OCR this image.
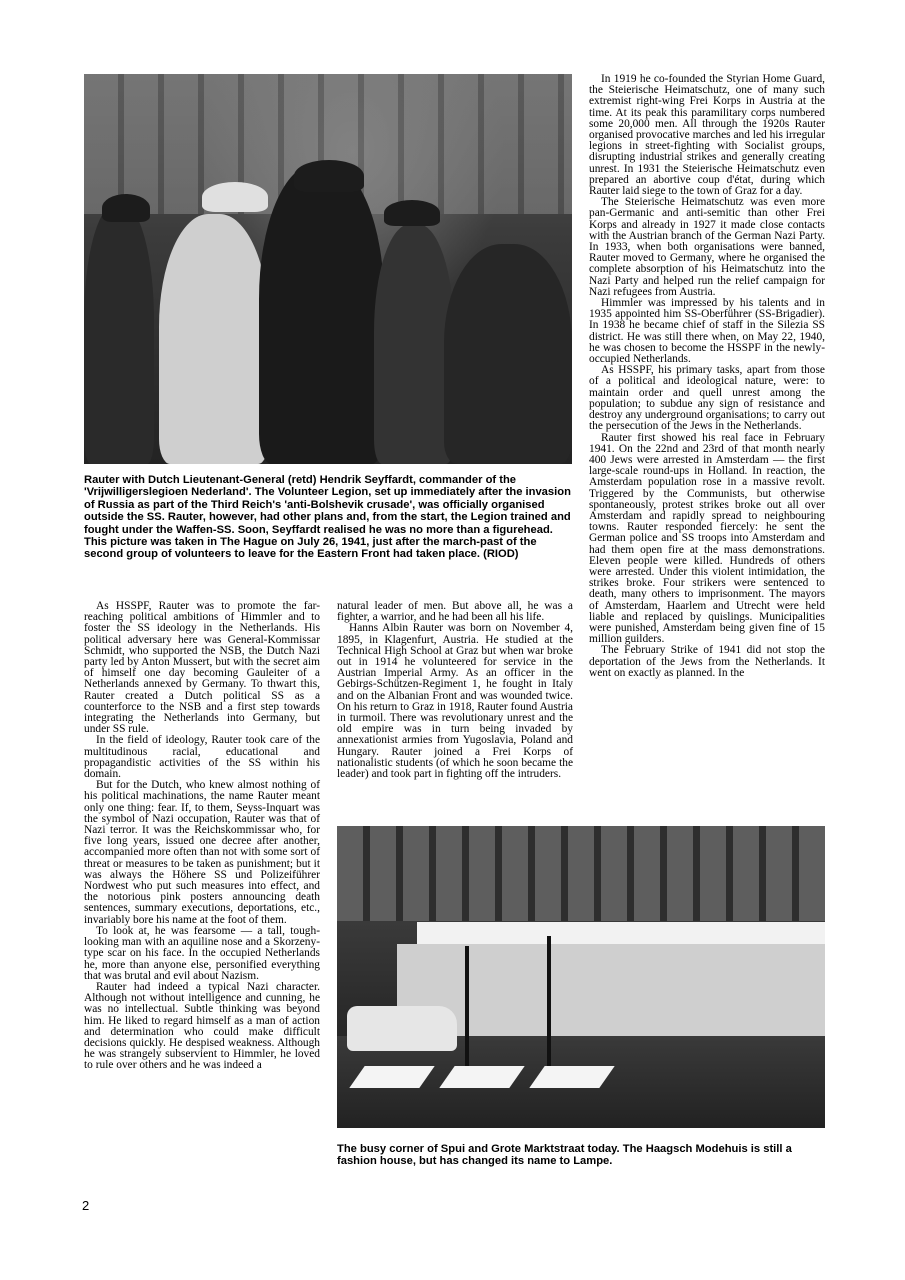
Rauter with Dutch Lieutenant-General (retd) Hendrik Seyffardt, commander of the 'Vrijwilligerslegioen Nederland'. The Volunteer Legion, set up immediately after the invasion of Russia as part of the Third Reich's 'anti-Bolshevik crusade', was officially organised outside the SS. Rauter, however, had other plans and, from the start, the Legion trained and fought under the Waffen-SS. Soon, Seyffardt realised he was no more than a figurehead. This picture was taken in The Hague on July 26, 1941, just after the march-past of the second group of volunteers to leave for the Eastern Front had taken place. (RIOD)

As HSSPF, Rauter was to promote the far-reaching political ambitions of Himmler and to foster the SS ideology in the Netherlands. His political adversary here was General-Kommissar Schmidt, who supported the NSB, the Dutch Nazi party led by Anton Mussert, but with the secret aim of himself one day becoming Gauleiter of a Netherlands annexed by Germany. To thwart this, Rauter created a Dutch political SS as a counterforce to the NSB and a first step towards integrating the Netherlands into Germany, but under SS rule.

In the field of ideology, Rauter took care of the multitudinous racial, educational and propagandistic activities of the SS within his domain.

But for the Dutch, who knew almost nothing of his political machinations, the name Rauter meant only one thing: fear. If, to them, Seyss-Inquart was the symbol of Nazi occupation, Rauter was that of Nazi terror. It was the Reichskommissar who, for five long years, issued one decree after another, accompanied more often than not with some sort of threat or measures to be taken as punishment; but it was always the Höhere SS und Polizeiführer Nordwest who put such measures into effect, and the notorious pink posters announcing death sentences, summary executions, deportations, etc., invariably bore his name at the foot of them.

To look at, he was fearsome — a tall, tough-looking man with an aquiline nose and a Skorzeny-type scar on his face. In the occupied Netherlands he, more than anyone else, personified everything that was brutal and evil about Nazism.

Rauter had indeed a typical Nazi character. Although not without intelligence and cunning, he was no intellectual. Subtle thinking was beyond him. He liked to regard himself as a man of action and determination who could make difficult decisions quickly. He despised weakness. Although he was strangely subservient to Himmler, he loved to rule over others and he was indeed a

natural leader of men. But above all, he was a fighter, a warrior, and he had been all his life.

Hanns Albin Rauter was born on November 4, 1895, in Klagenfurt, Austria. He studied at the Technical High School at Graz but when war broke out in 1914 he volunteered for service in the Austrian Imperial Army. As an officer in the Gebirgs-Schützen-Regiment 1, he fought in Italy and on the Albanian Front and was wounded twice. On his return to Graz in 1918, Rauter found Austria in turmoil. There was revolutionary unrest and the old empire was in turn being invaded by annexationist armies from Yugoslavia, Poland and Hungary. Rauter joined a Frei Korps of nationalistic students (of which he soon became the leader) and took part in fighting off the intruders.

In 1919 he co-founded the Styrian Home Guard, the Steierische Heimatschutz, one of many such extremist right-wing Frei Korps in Austria at the time. At its peak this paramilitary corps numbered some 20,000 men. All through the 1920s Rauter organised provocative marches and led his irregular legions in street-fighting with Socialist groups, disrupting industrial strikes and generally creating unrest. In 1931 the Steierische Heimatschutz even prepared an abortive coup d'état, during which Rauter laid siege to the town of Graz for a day.

The Steierische Heimatschutz was even more pan-Germanic and anti-semitic than other Frei Korps and already in 1927 it made close contacts with the Austrian branch of the German Nazi Party. In 1933, when both organisations were banned, Rauter moved to Germany, where he organised the complete absorption of his Heimatschutz into the Nazi Party and helped run the relief campaign for Nazi refugees from Austria.

Himmler was impressed by his talents and in 1935 appointed him SS-Oberführer (SS-Brigadier). In 1938 he became chief of staff in the Silezia SS district. He was still there when, on May 22, 1940, he was chosen to become the HSSPF in the newly-occupied Netherlands.

As HSSPF, his primary tasks, apart from those of a political and ideological nature, were: to maintain order and quell unrest among the population; to subdue any sign of resistance and destroy any underground organisations; to carry out the persecution of the Jews in the Netherlands.

Rauter first showed his real face in February 1941. On the 22nd and 23rd of that month nearly 400 Jews were arrested in Amsterdam — the first large-scale round-ups in Holland. In reaction, the Amsterdam population rose in a massive revolt. Triggered by the Communists, but otherwise spontaneously, protest strikes broke out all over Amsterdam and rapidly spread to neighbouring towns. Rauter responded fiercely: he sent the German police and SS troops into Amsterdam and had them open fire at the mass demonstrations. Eleven people were killed. Hundreds of others were arrested. Under this violent intimidation, the strikes broke. Four strikers were sentenced to death, many others to imprisonment. The mayors of Amsterdam, Haarlem and Utrecht were held liable and replaced by quislings. Municipalities were punished, Amsterdam being given fine of 15 million guilders.

The February Strike of 1941 did not stop the deportation of the Jews from the Netherlands. It went on exactly as planned. In the

The busy corner of Spui and Grote Marktstraat today. The Haagsch Modehuis is still a fashion house, but has changed its name to Lampe.

2
